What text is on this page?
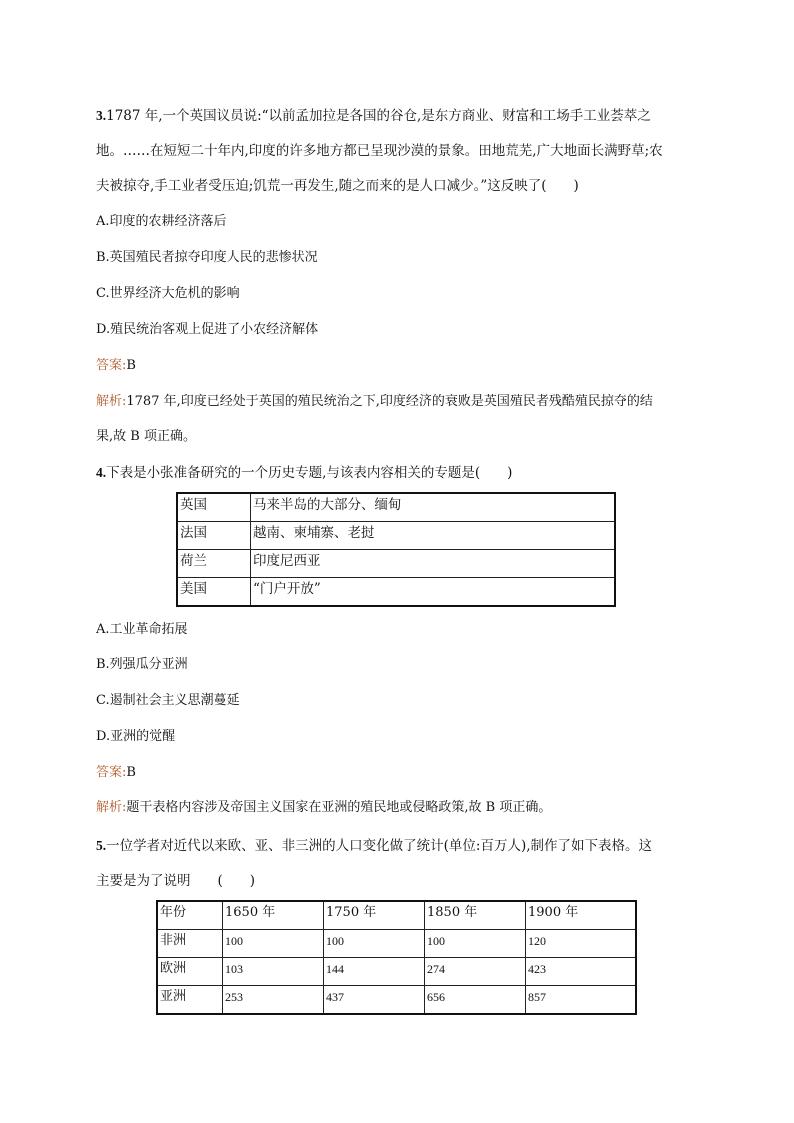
3.1787 年,一个英国议员说:“以前孟加拉是各国的谷仓,是东方商业、财富和工场手工业荟萃之
地。……在短短二十年内,印度的许多地方都已呈现沙漠的景象。田地荒芜,广大地面长满野草;农
夫被掠夺,手工业者受压迫;饥荒一再发生,随之而来的是人口减少。”这反映了(　　)
A.印度的农耕经济落后
B.英国殖民者掠夺印度人民的悲惨状况
C.世界经济大危机的影响
D.殖民统治客观上促进了小农经济解体
答案:B
解析:1787 年,印度已经处于英国的殖民统治之下,印度经济的衰败是英国殖民者残酷殖民掠夺的结
果,故 B 项正确。
4.下表是小张准备研究的一个历史专题,与该表内容相关的专题是(　　)
英国	马来半岛的大部分、缅甸
法国	越南、柬埔寨、老挝
荷兰	印度尼西亚
美国	“门户开放”
A.工业革命拓展
B.列强瓜分亚洲
C.遏制社会主义思潮蔓延
D.亚洲的觉醒
答案:B
解析:题干表格内容涉及帝国主义国家在亚洲的殖民地或侵略政策,故 B 项正确。
5.一位学者对近代以来欧、亚、非三洲的人口变化做了统计(单位:百万人),制作了如下表格。这
主要是为了说明　　(　　)
年份	1650 年	1750 年	1850 年	1900 年
非洲	100	100	100	120
欧洲	103	144	274	423
亚洲	253	437	656	857
